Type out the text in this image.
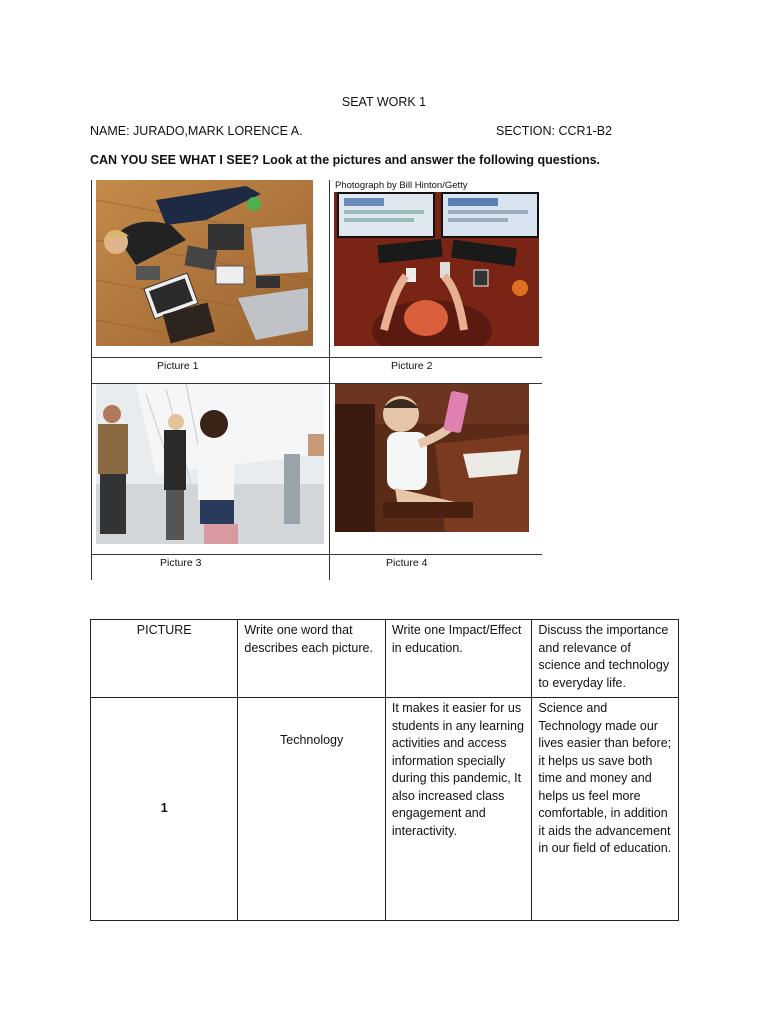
SEAT WORK 1
NAME: JURADO,MARK LORENCE A.	SECTION: CCR1-B2
CAN YOU SEE WHAT I SEE? Look at the pictures and answer the following questions.
Photograph by Bill Hinton/Getty
Picture 1	Picture 2
Picture 3	Picture 4
PICTURE	Write one word that describes each picture.	Write one Impact/Effect in education.	Discuss the importance and relevance of science and technology to everyday life.
1	Technology	It makes it easier for us students in any learning activities and access information specially during this pandemic, It also increased class engagement and interactivity.	Science and Technology made our lives easier than before; it helps us save both time and money and helps us feel more comfortable, in addition it aids the advancement in our field of education.
